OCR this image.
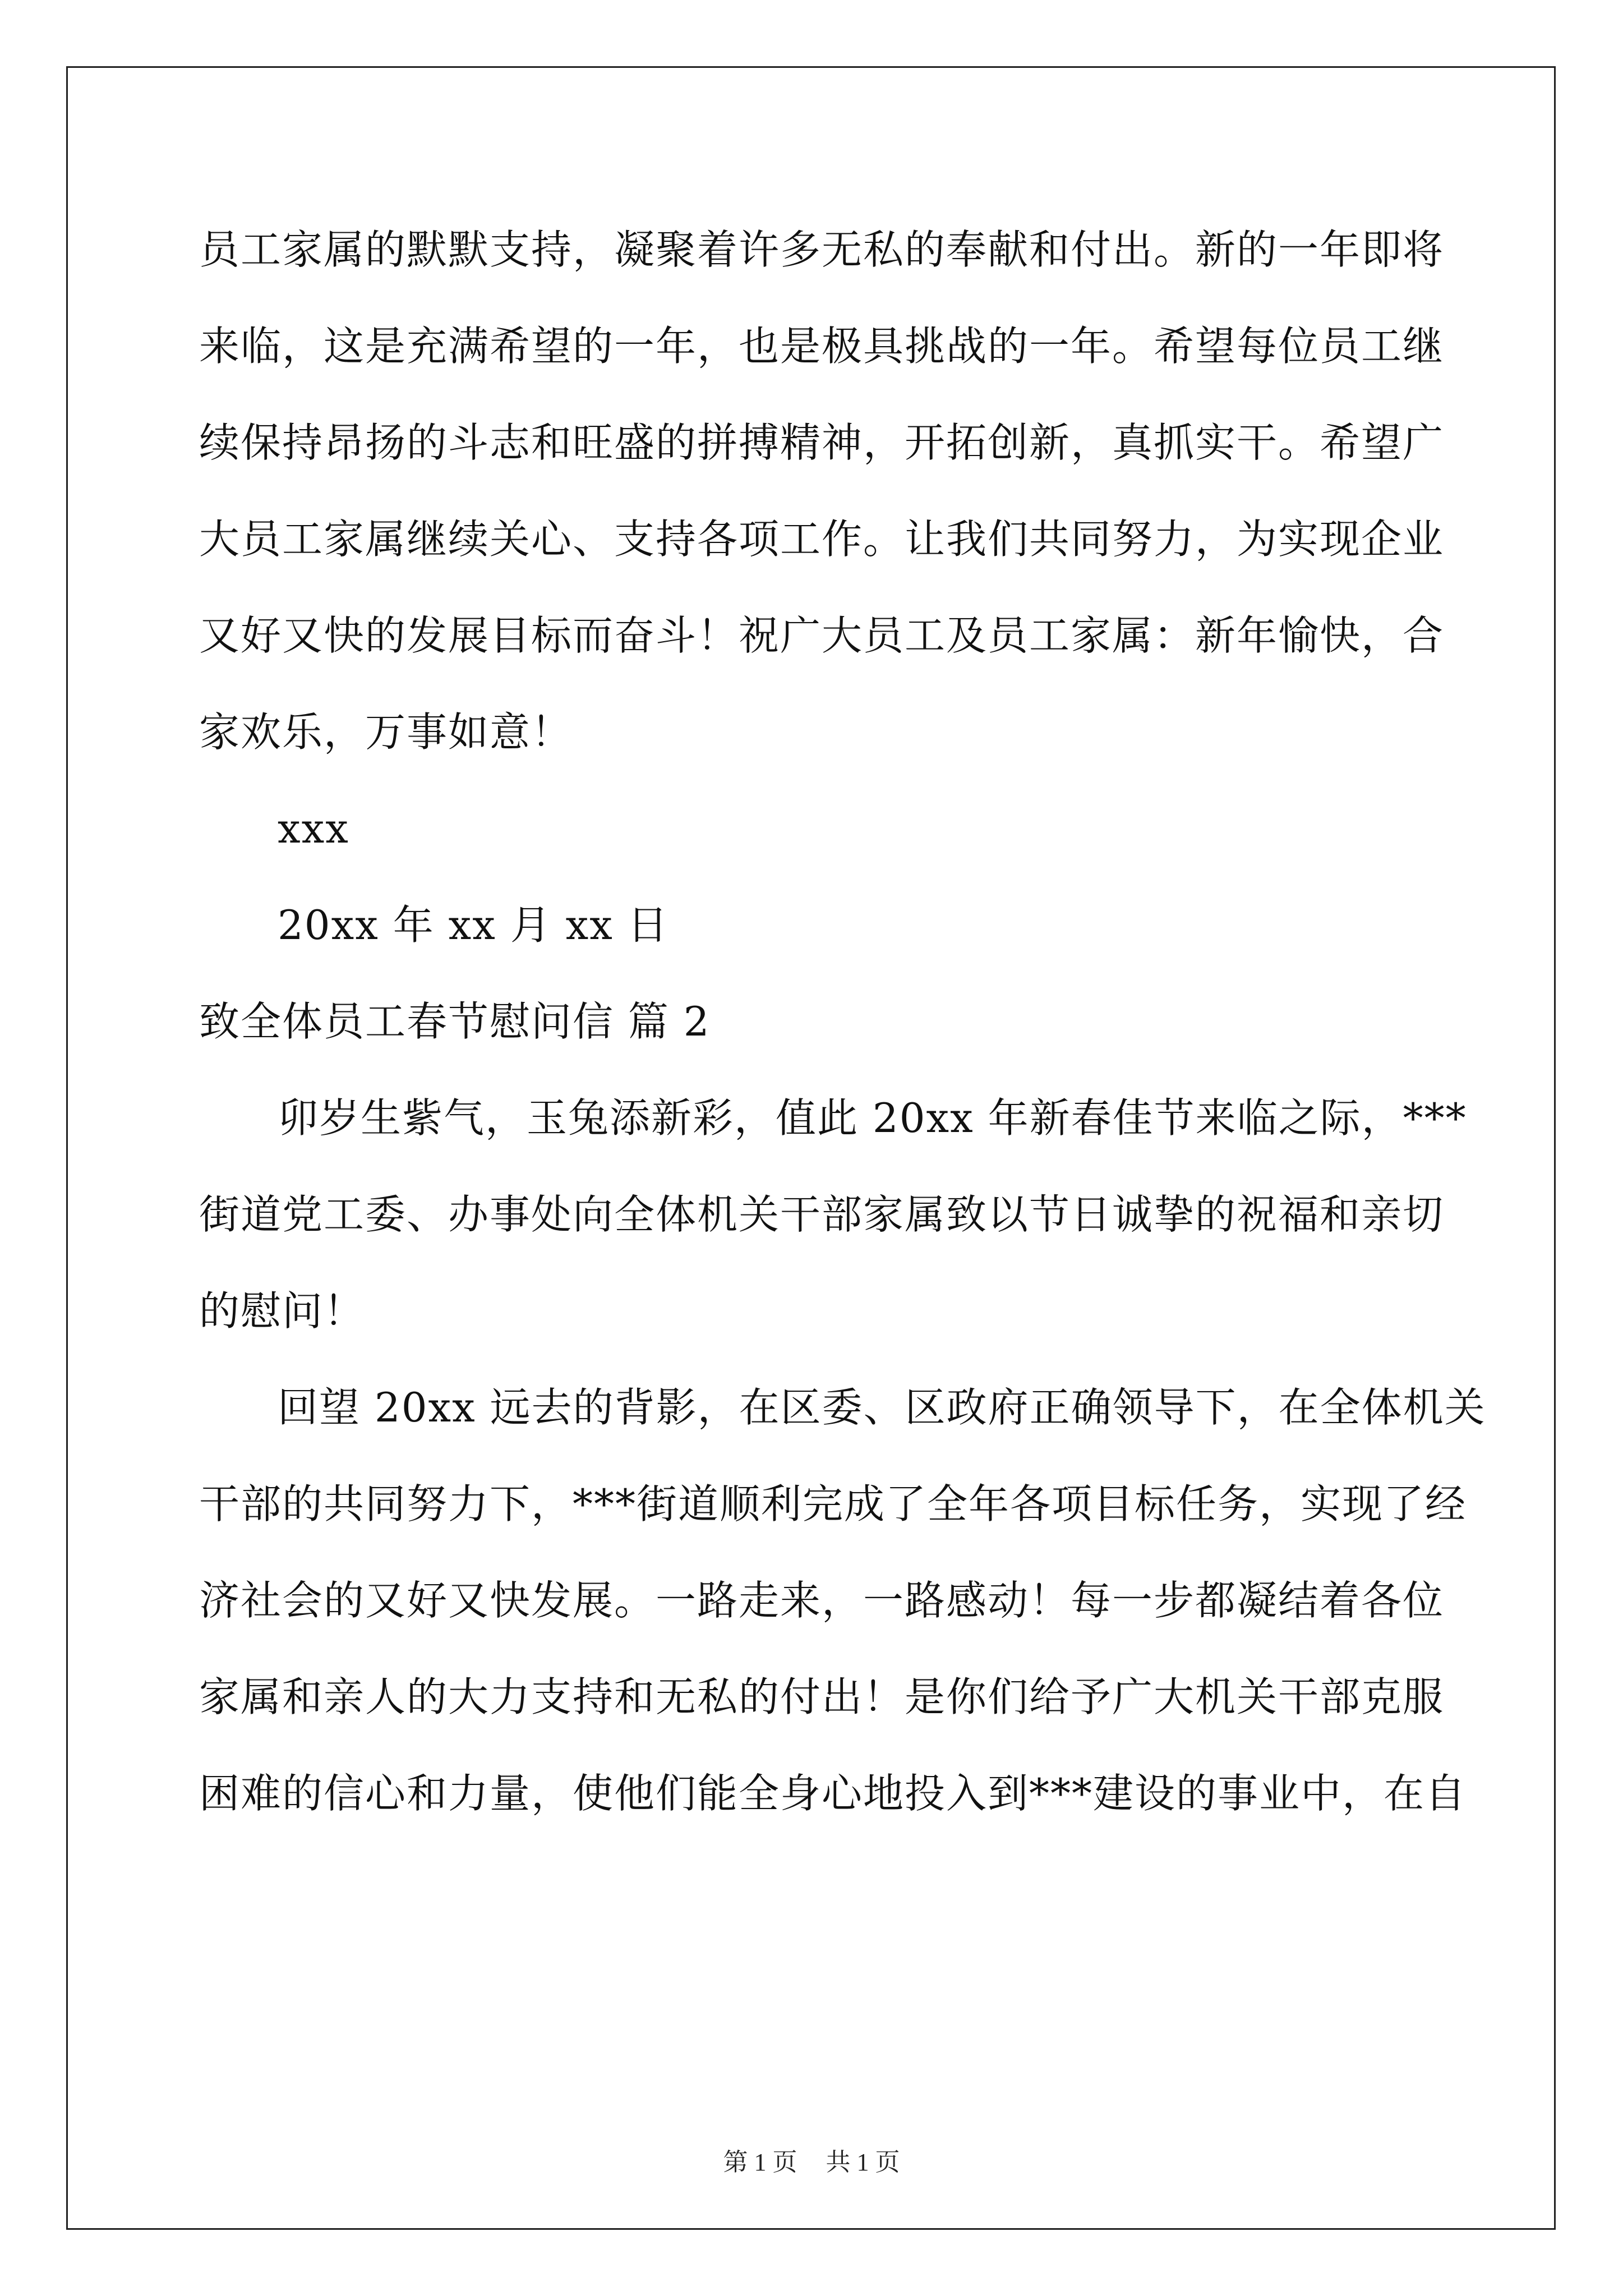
员工家属的默默支持，凝聚着许多无私的奉献和付出。新的一年即将
来临，这是充满希望的一年，也是极具挑战的一年。希望每位员工继
续保持昂扬的斗志和旺盛的拼搏精神，开拓创新，真抓实干。希望广
大员工家属继续关心、支持各项工作。让我们共同努力，为实现企业
又好又快的发展目标而奋斗！祝广大员工及员工家属：新年愉快，合
家欢乐，万事如意！
xxx
20xx 年 xx 月 xx 日
致全体员工春节慰问信 篇 2
卯岁生紫气，玉兔添新彩，值此 20xx 年新春佳节来临之际，***
街道党工委、办事处向全体机关干部家属致以节日诚挚的祝福和亲切
的慰问！
回望 20xx 远去的背影，在区委、区政府正确领导下，在全体机关
干部的共同努力下，***街道顺利完成了全年各项目标任务，实现了经
济社会的又好又快发展。一路走来，一路感动！每一步都凝结着各位
家属和亲人的大力支持和无私的付出！是你们给予广大机关干部克服
困难的信心和力量，使他们能全身心地投入到***建设的事业中，在自
第 1 页 共 1 页
